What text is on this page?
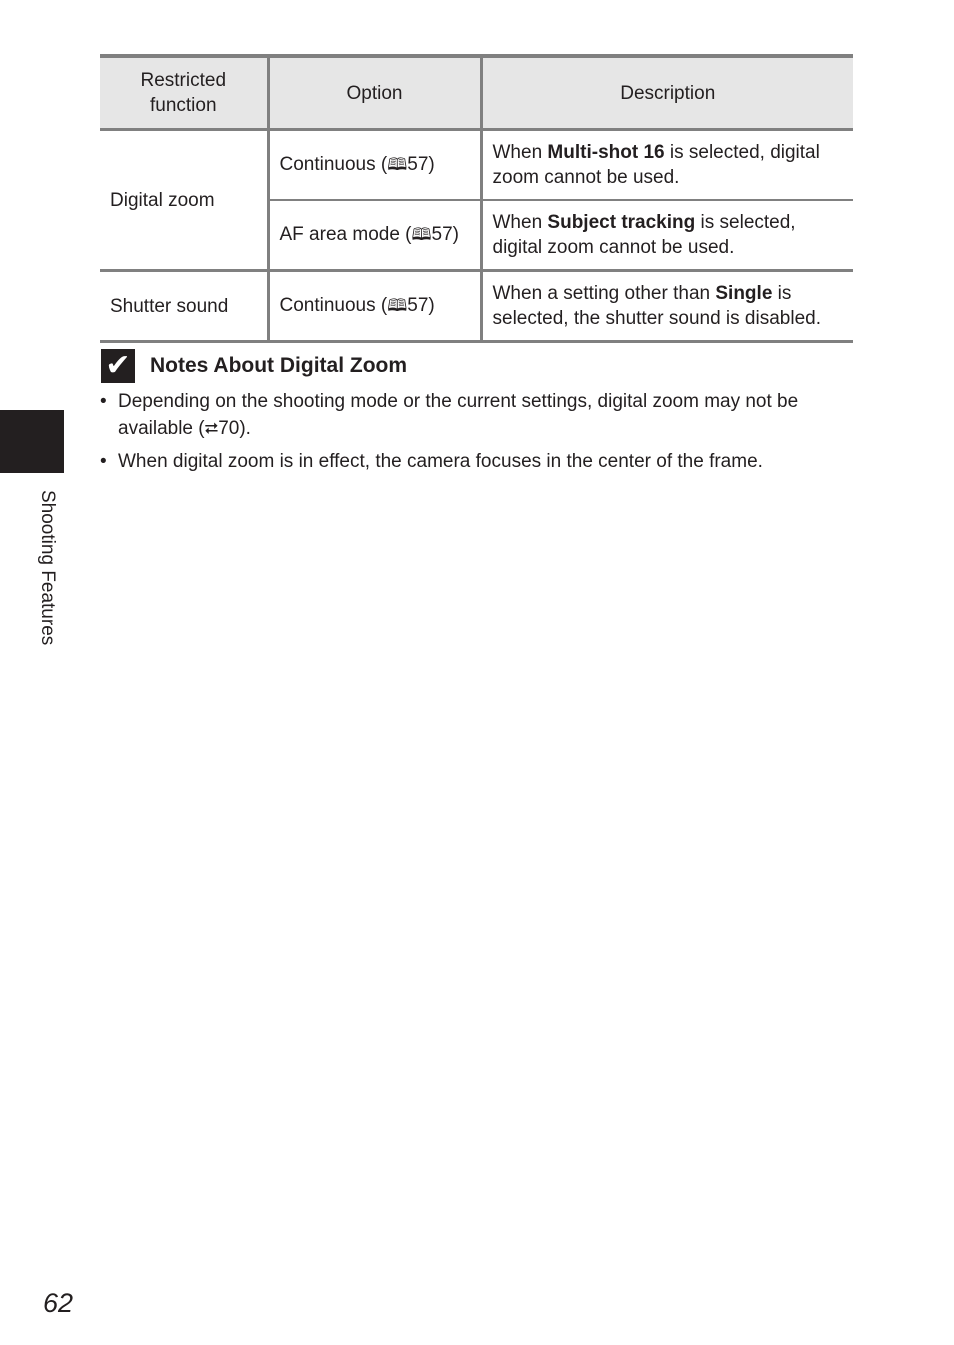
Restricted function	Option	Description
Digital zoom	Continuous (🕮57)	When Multi-shot 16 is selected, digital zoom cannot be used.
	AF area mode (🕮57)	When Subject tracking is selected, digital zoom cannot be used.
Shutter sound	Continuous (🕮57)	When a setting other than Single is selected, the shutter sound is disabled.
✔ Notes About Digital Zoom
• Depending on the shooting mode or the current settings, digital zoom may not be available (⮂70).
• When digital zoom is in effect, the camera focuses in the center of the frame.
Shooting Features
62
